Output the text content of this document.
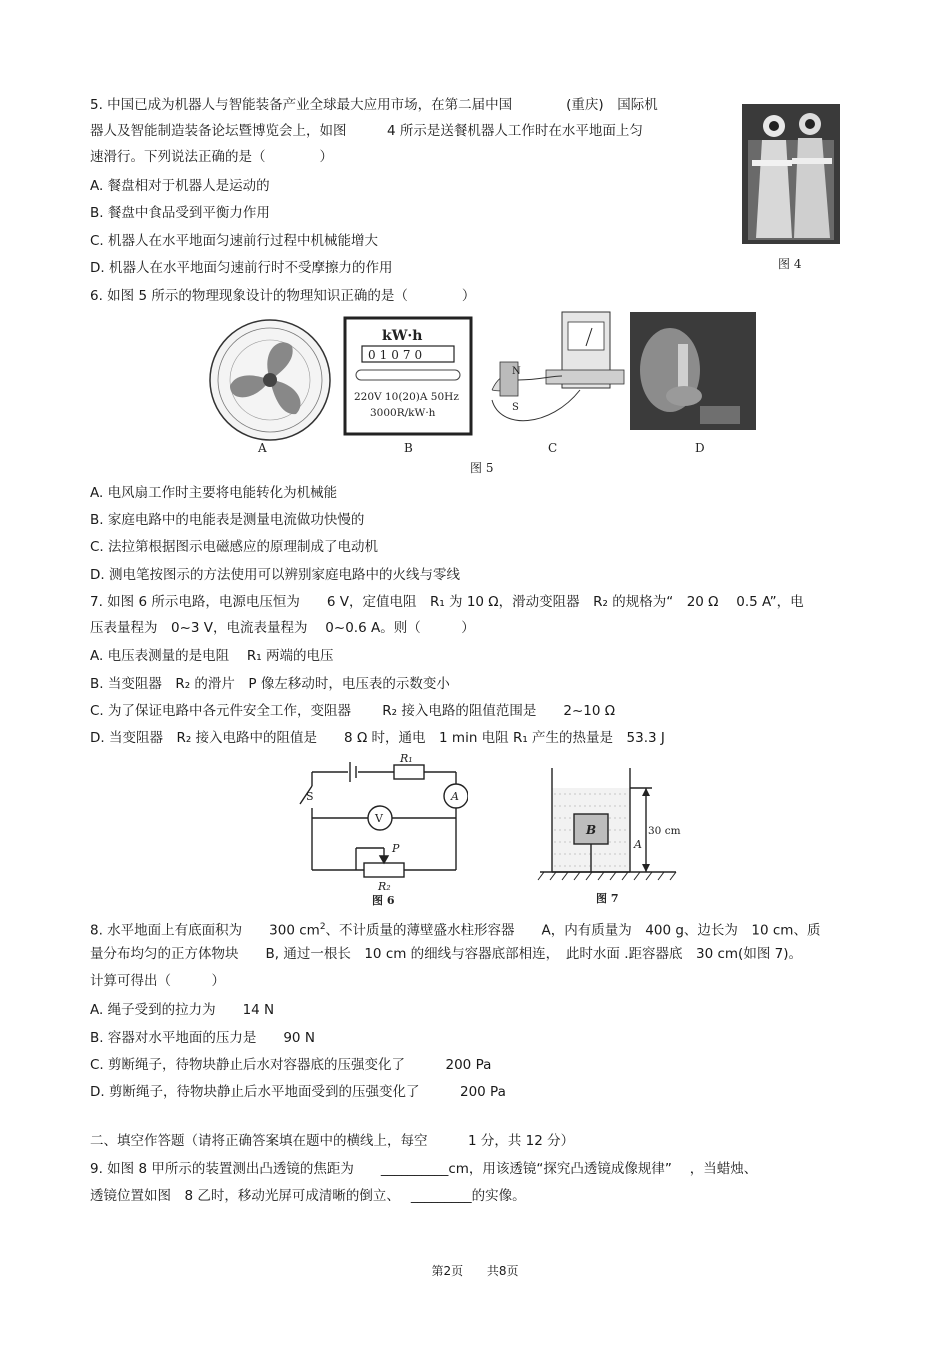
5. 中国已成为机器人与智能装备产业全球最大应用市场，在第二届中国　　　　(重庆)　国际机
器人及智能制造装备论坛暨博览会上，如图　　　4 所示是送餐机器人工作时在水平地面上匀
速滑行。下列说法正确的是（　　　　）
A. 餐盘相对于机器人是运动的
B. 餐盘中食品受到平衡力作用
C. 机器人在水平地面匀速前行过程中机械能增大
D. 机器人在水平地面匀速前行时不受摩擦力的作用	图 4
6. 如图 5 所示的物理现象设计的物理知识正确的是（　　　　）
A
kW·h
01070
220V 10(20)A 50Hz
3000R/kW·h
B
N
S
C	D
图 5
A. 电风扇工作时主要将电能转化为机械能
B. 家庭电路中的电能表是测量电流做功快慢的
C. 法拉第根据图示电磁感应的原理制成了电动机
D. 测电笔按图示的方法使用可以辨别家庭电路中的火线与零线
7. 如图 6 所示电路，电源电压恒为　　6 V，定值电阻　R₁ 为 10 Ω，滑动变阻器　R₂ 的规格为“　20 Ω　 0.5 A”，电
压表量程为　0~3 V，电流表量程为　 0~0.6 A。则（　　　）
A. 电压表测量的是电阻　 R₁ 两端的电压
B. 当变阻器　R₂ 的滑片　P 像左移动时，电压表的示数变小
C. 为了保证电路中各元件安全工作，变阻器　　 R₂ 接入电路的阻值范围是　　2~10 Ω
D. 当变阻器　R₂ 接入电路中的阻值是　　8 Ω 时，通电　1 min 电阻 R₁ 产生的热量是　53.3 J
S
R₁
A
V
P
R₂
图 6
B
A
30 cm
图 7
8. 水平地面上有底面积为　　300 $cm^2$、不计质量的薄壁盛水柱形容器　　A，内有质量为　400 g、边长为　10 cm、质
量分布均匀的正方体物块　　B, 通过一根长　10 cm 的细线与容器底部相连，　此时水面 .距容器底　30 cm(如图 7)。
计算可得出（　　　）
A. 绳子受到的拉力为　　14 N
B. 容器对水平地面的压力是　　90 N
C. 剪断绳子，待物块静止后水对容器底的压强变化了　　　200 Pa
D. 剪断绳子，待物块静止后水平地面受到的压强变化了　　　200 Pa
二、填空作答题（请将正确答案填在题中的横线上，每空　　　1 分，共 12 分）
9. 如图 8 甲所示的装置测出凸透镜的焦距为　　__________cm，用该透镜“探究凸透镜成像规律”　 ，当蜡烛、
透镜位置如图　8 乙时，移动光屏可成清晰的倒立、　 _________的实像。
第2页 共8页
